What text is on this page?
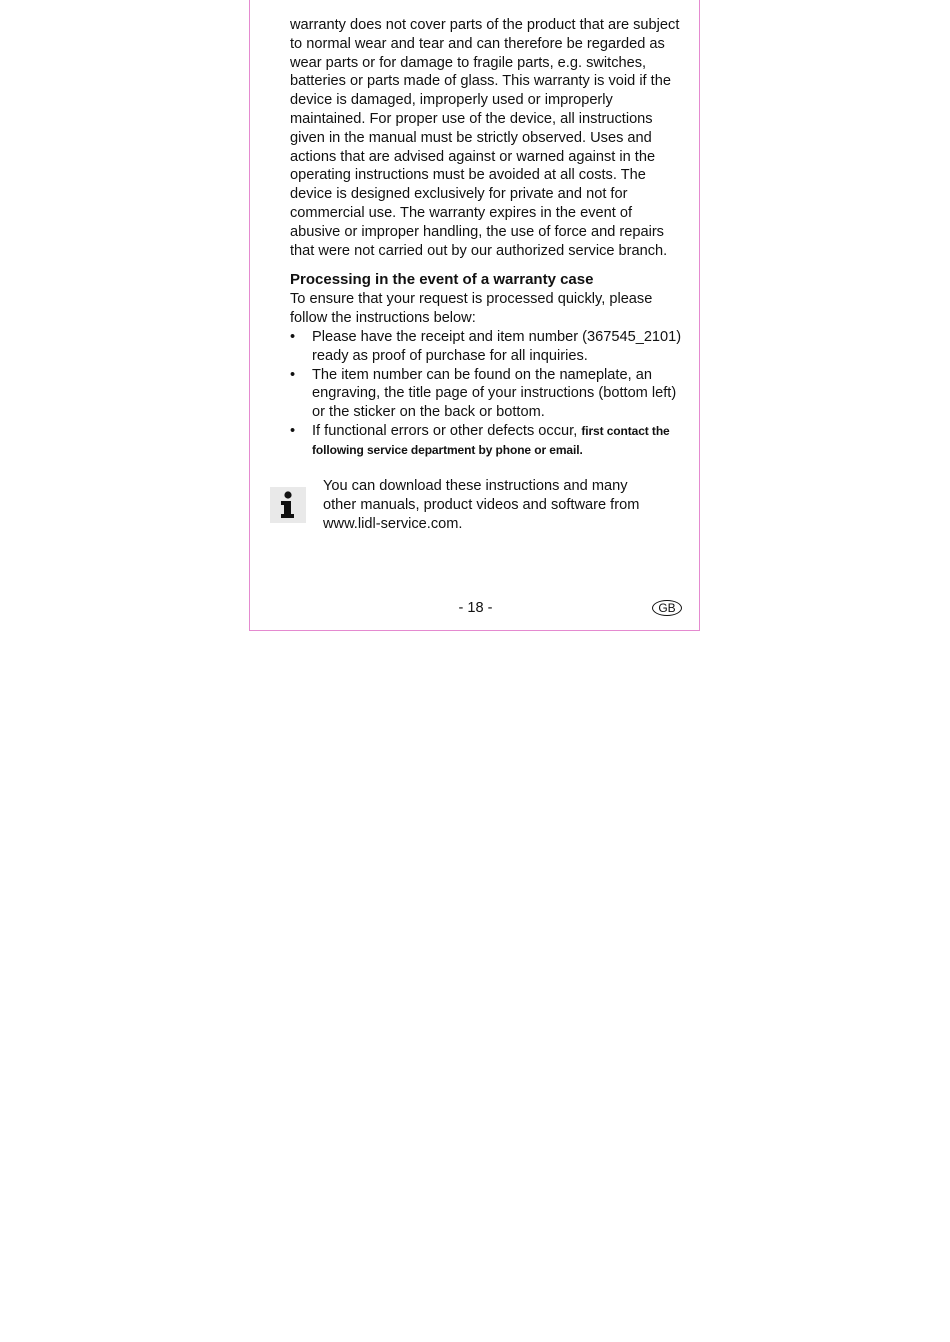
warranty does not cover parts of the product that are subject to normal wear and tear and can therefore be regarded as wear parts or for damage to fragile parts, e.g. switches, batteries or parts made of glass. This warranty is void if the device is damaged, improperly used or improperly maintained. For proper use of the device, all instructions given in the manual must be strictly observed. Uses and actions that are advised against or warned against in the operating instructions must be avoided at all costs. The device is designed exclusively for private and not for commercial use. The warranty expires in the event of abusive or improper handling, the use of force and repairs that were not carried out by our authorized service branch.

Processing in the event of a warranty case

To ensure that your request is processed quickly, please follow the instructions below:

• Please have the receipt and item number (367545_2101) ready as proof of purchase for all inquiries.
• The item number can be found on the nameplate, an engraving, the title page of your instructions (bottom left) or the sticker on the back or bottom.
• If functional errors or other defects occur, first contact the following service department by phone or email.
You can download these instructions and many other manuals, product videos and software from www.lidl-service.com.
- 18 -	GB
